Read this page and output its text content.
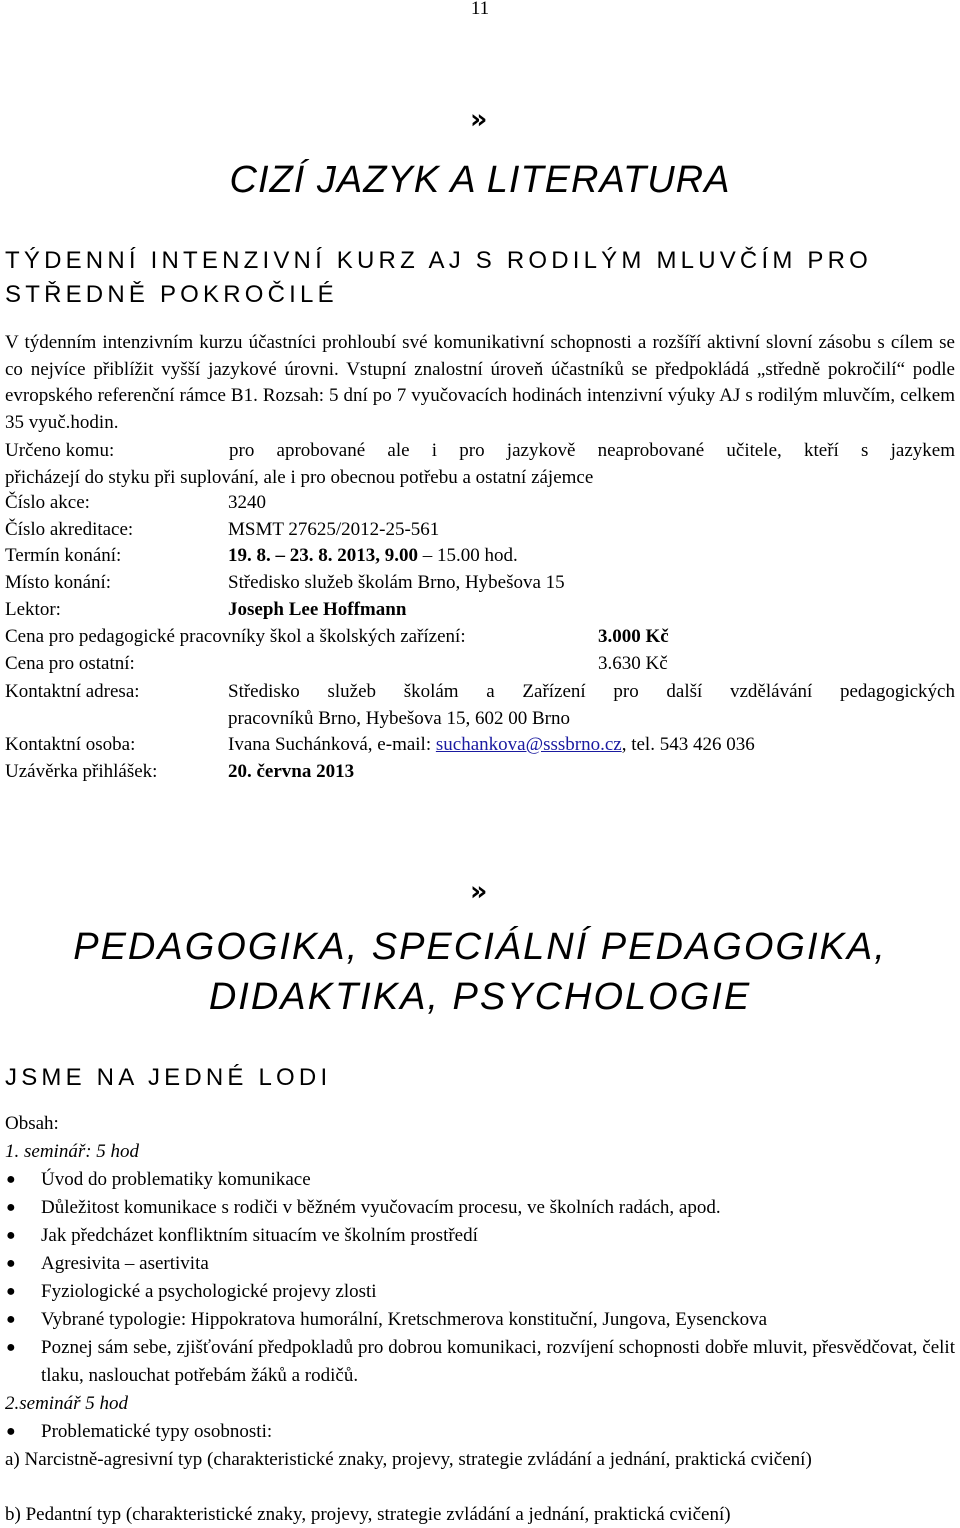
11
»
CIZÍ JAZYK A LITERATURA
TÝDENNÍ INTENZIVNÍ KURZ AJ S RODILÝM MLUVČÍM PRO
STŘEDNĚ POKROČILÉ
V týdenním intenzivním kurzu účastníci prohloubí své komunikativní schopnosti a rozšíří aktivní slovní zásobu s cílem se co nejvíce přiblížit vyšší jazykové úrovni. Vstupní znalostní úroveň účastníků se předpokládá „středně pokročilí“ podle evropského referenční rámce B1. Rozsah: 5 dní po 7 vyučovacích hodinách intenzivní výuky AJ s rodilým mluvčím, celkem 35 vyuč.hodin.
Určeno komu:	pro aprobované ale i pro jazykově neaprobované učitele, kteří s jazykem
přicházejí do styku při suplování, ale i pro obecnou potřebu a ostatní zájemce
Číslo akce:	3240
Číslo akreditace:	MSMT 27625/2012-25-561
Termín konání:	19. 8. – 23. 8. 2013, 9.00 – 15.00 hod.
Místo konání:	Středisko služeb školám Brno, Hybešova 15
Lektor:	Joseph Lee Hoffmann
Cena pro pedagogické pracovníky škol a školských zařízení:	3.000 Kč
Cena pro ostatní:	3.630 Kč
Kontaktní adresa:	Středisko služeb školám a Zařízení pro další vzdělávání pedagogických
pracovníků Brno, Hybešova 15, 602 00 Brno
Kontaktní osoba:	Ivana Suchánková, e-mail: suchankova@sssbrno.cz, tel. 543 426 036
Uzávěrka přihlášek:	20. června 2013
»
PEDAGOGIKA, SPECIÁLNÍ PEDAGOGIKA,
DIDAKTIKA, PSYCHOLOGIE
JSME NA JEDNÉ LODI
Obsah:
1. seminář: 5 hod
● Úvod do problematiky komunikace
● Důležitost komunikace s rodiči v běžném vyučovacím procesu, ve školních radách, apod.
● Jak předcházet konfliktním situacím ve školním prostředí
● Agresivita – asertivita
● Fyziologické a psychologické projevy zlosti
● Vybrané typologie: Hippokratova humorální, Kretschmerova konstituční, Jungova, Eysenckova
● Poznej sám sebe, zjišťování předpokladů pro dobrou komunikaci, rozvíjení schopnosti dobře mluvit, přesvědčovat, čelit tlaku, naslouchat potřebám žáků a rodičů.
2.seminář 5 hod
● Problematické typy osobnosti:
a) Narcistně-agresivní typ (charakteristické znaky, projevy, strategie zvládání a jednání, praktická cvičení)
b) Pedantní typ (charakteristické znaky, projevy, strategie zvládání a jednání, praktická cvičení)
